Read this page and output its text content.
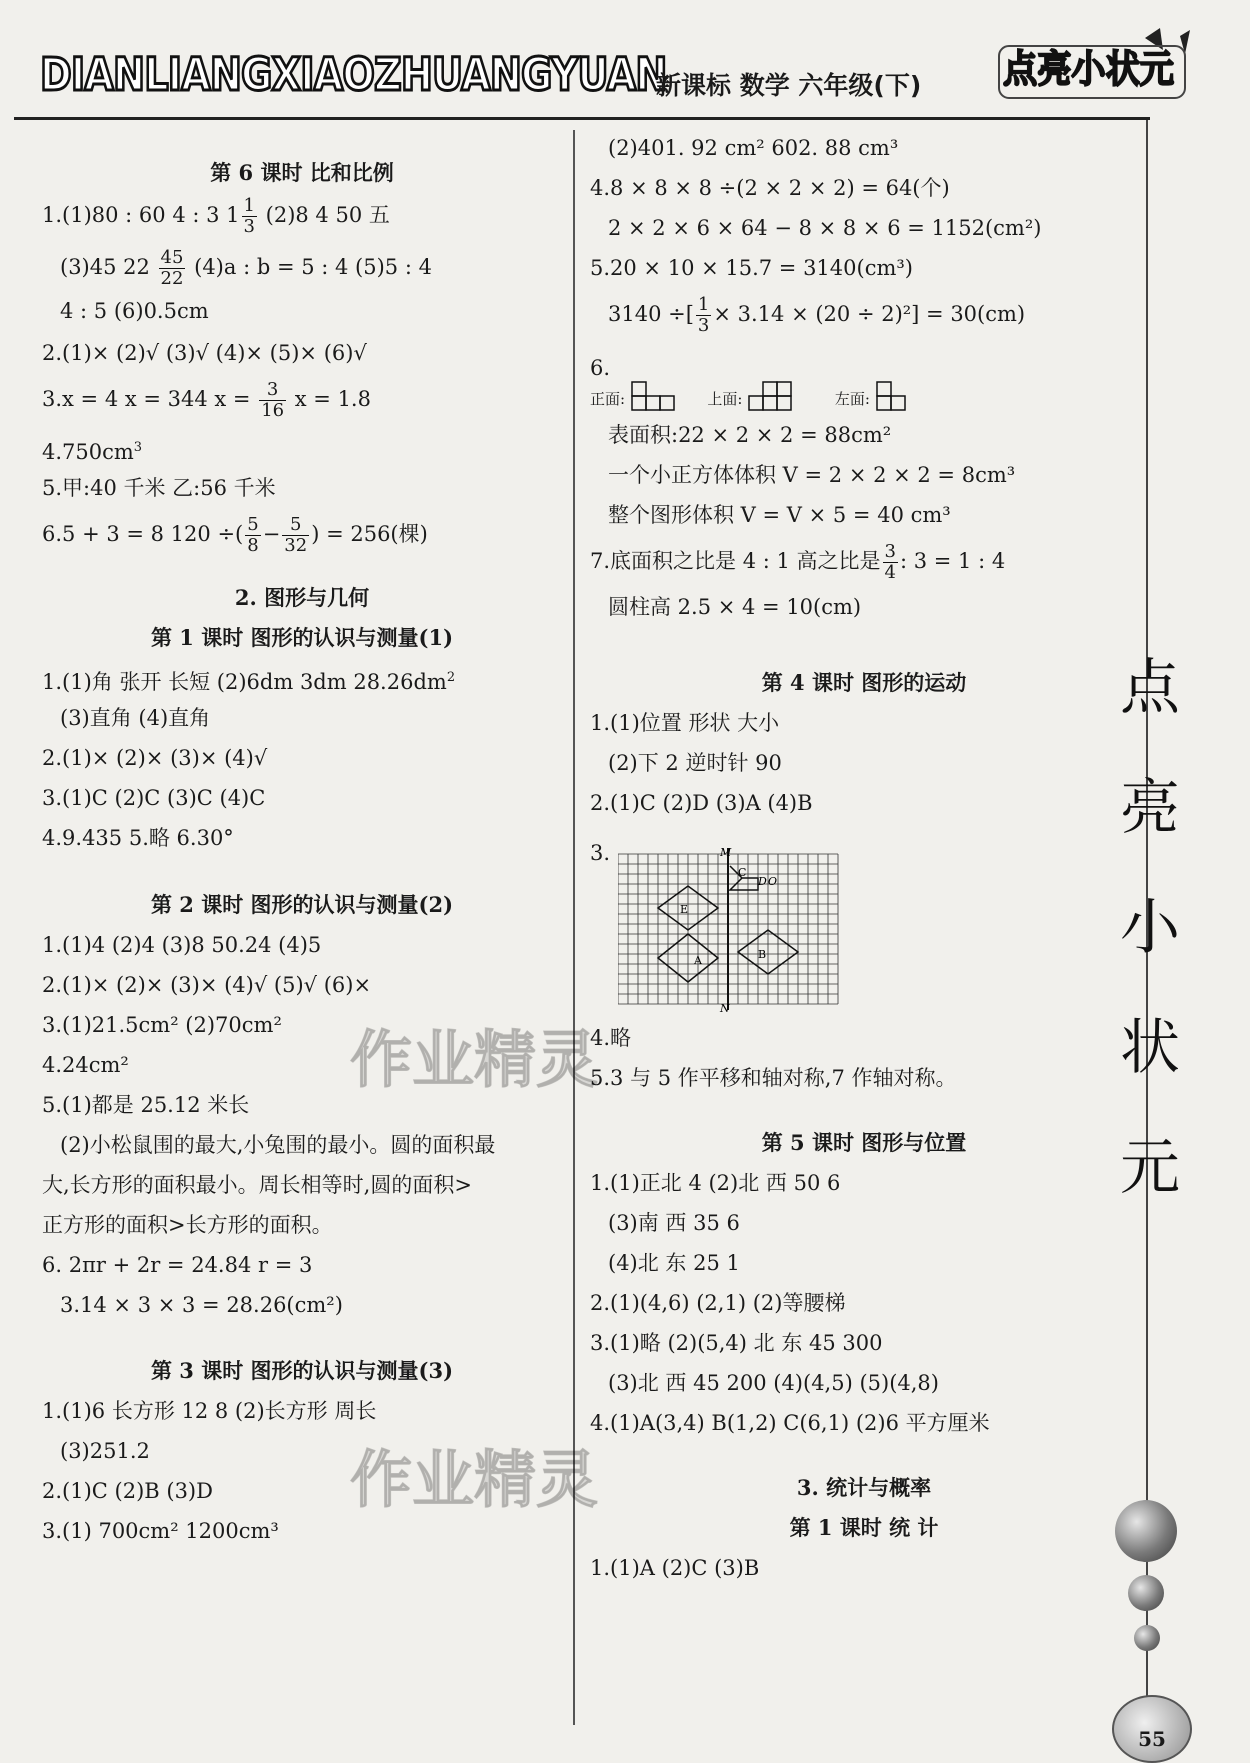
DIANLIANGXIAOZHUANGYUAN
新课标 数学 六年级(下) 点亮小状元
第 6 课时 比和比例
1.(1)80 : 60 4 : 3 $1 \frac{1}{3} (2)8$ 4 50 五
(3)45 $22 \frac{45}{22} (4)a$ : b = 5 : 4 (5)5 : 4
4 : 5 (6)0.5cm
2.(1)× (2)√ (3)√ (4)× (5)× (6)√
3.x = 4 x = 344 $x = \frac{3}{16}$ x = 1.8
$4.750cm^3$
5.甲:40 千米 乙:56 千米
6.5 + 3 = 8 120 ÷( $\frac{5}{8} - \frac{5}{32}$ ) = 256(棵)
2. 图形与几何
第 1 课时 图形的认识与测量(1)
1.(1)角 张开 长短 (2)6dm 3dm $28.26dm^2$
(3)直角 (4)直角
2.(1)× (2)× (3)× (4)√
3.(1)C (2)C (3)C (4)C
4.9.435 5.略 6.30°
第 2 课时 图形的认识与测量(2)
1.(1)4 (2)4 (3)8 50.24 (4)5
2.(1)× (2)× (3)× (4)√ (5)√ (6)×
3.(1)21.5cm² (2)70cm²
4.24cm²
5.(1)都是 25.12 米长
(2)小松鼠围的最大,小兔围的最小。圆的面积最
大,长方形的面积最小。周长相等时,圆的面积>
正方形的面积>长方形的面积。
6. 2πr + 2r = 24.84 r = 3
3.14 × 3 × 3 = 28.26(cm²)
第 3 课时 图形的认识与测量(3)
1.(1)6 长方形 12 8 (2)长方形 周长
(3)251.2
2.(1)C (2)B (3)D
3.(1) 700cm² 1200cm³
(2)401. 92 cm² 602. 88 cm³
4.8 × 8 × 8 ÷(2 × 2 × 2) = 64(个)
2 × 2 × 6 × 64 − 8 × 8 × 6 = 1152(cm²)
5.20 × 10 × 15.7 = 3140(cm³)
3140 ÷[ $\frac{1}{3} \times 3.14 \times (20 \div 2)^2] = 30(cm)$
6.
正面:	上面:	左面:
表面积:22 × 2 × 2 = 88cm²
一个小正方体体积 V = 2 × 2 × 2 = 8cm³
整个图形体积 V = V × 5 = 40 cm³
7.底面积之比是 4 : 1 高之比是 $\frac{3}{4}$ : 3 = 1 : 4
圆柱高 2.5 × 4 = 10(cm)
第 4 课时 图形的运动
1.(1)位置 形状 大小
(2)下 2 逆时针 90
2.(1)C (2)D (3)A (4)B
3.	M
N
E
A	B
C
D O
4.略
5.3 与 5 作平移和轴对称,7 作轴对称。
第 5 课时 图形与位置
1.(1)正北 4 (2)北 西 50 6
(3)南 西 35 6
(4)北 东 25 1
2.(1)(4,6) (2,1) (2)等腰梯
3.(1)略 (2)(5,4) 北 东 45 300
(3)北 西 45 200 (4)(4,5) (5)(4,8)
4.(1)A(3,4) B(1,2) C(6,1) (2)6 平方厘米
3. 统计与概率
第 1 课时 统 计
1.(1)A (2)C (3)B
作业精灵
作业精灵
点
亮
小
状
元
55
